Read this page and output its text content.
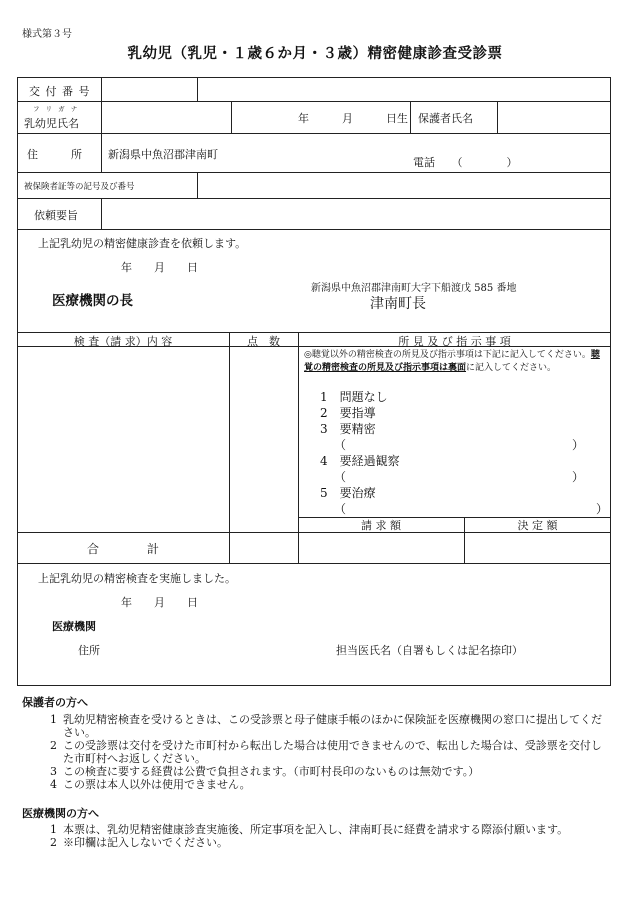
様式第３号
乳幼児（乳児・１歳６か月・３歳）精密健康診査受診票
交 付 番 号
フ リ ガ ナ
乳幼児氏名	年　　　月　　　日生 保護者氏名
住　　　所 新潟県中魚沼郡津南町
電話　　（　　　　）
被保険者証等の記号及び番号
依頼要旨
上記乳幼児の精密健康診査を依頼します。
年　　月　　日
医療機関の長
新潟県中魚沼郡津南町大字下船渡戊 585 番地
津南町長
検 査（請 求）内 容	点　数	所 見 及 び 指 示 事 項
◎聴覚以外の精密検査の所見及び指示事項は下記に記入してください。聴覚の精密検査の所見及び指示事項は裏面に記入してください。
1　 問題なし
2　 要指導
3　 要精密
（	）
4　 要経過観察
（	）
5　 要治療
（	）
請 求 額	決 定 額
合　　　　計
上記乳幼児の精密検査を実施しました。
年　　月　　日
医療機関
住所	担当医氏名（自署もしくは記名捺印）
保護者の方へ
1 乳幼児精密検査を受けるときは、この受診票と母子健康手帳のほかに保険証を医療機関の窓口に提出してください。
2 この受診票は交付を受けた市町村から転出した場合は使用できませんので、転出した場合は、受診票を交付した市町村へお返しください。
3 この検査に要する経費は公費で負担されます。（市町村長印のないものは無効です。）
4 この票は本人以外は使用できません。
医療機関の方へ
1 本票は、乳幼児精密健康診査実施後、所定事項を記入し、津南町長に経費を請求する際添付願います。
2 ※印欄は記入しないでください。
